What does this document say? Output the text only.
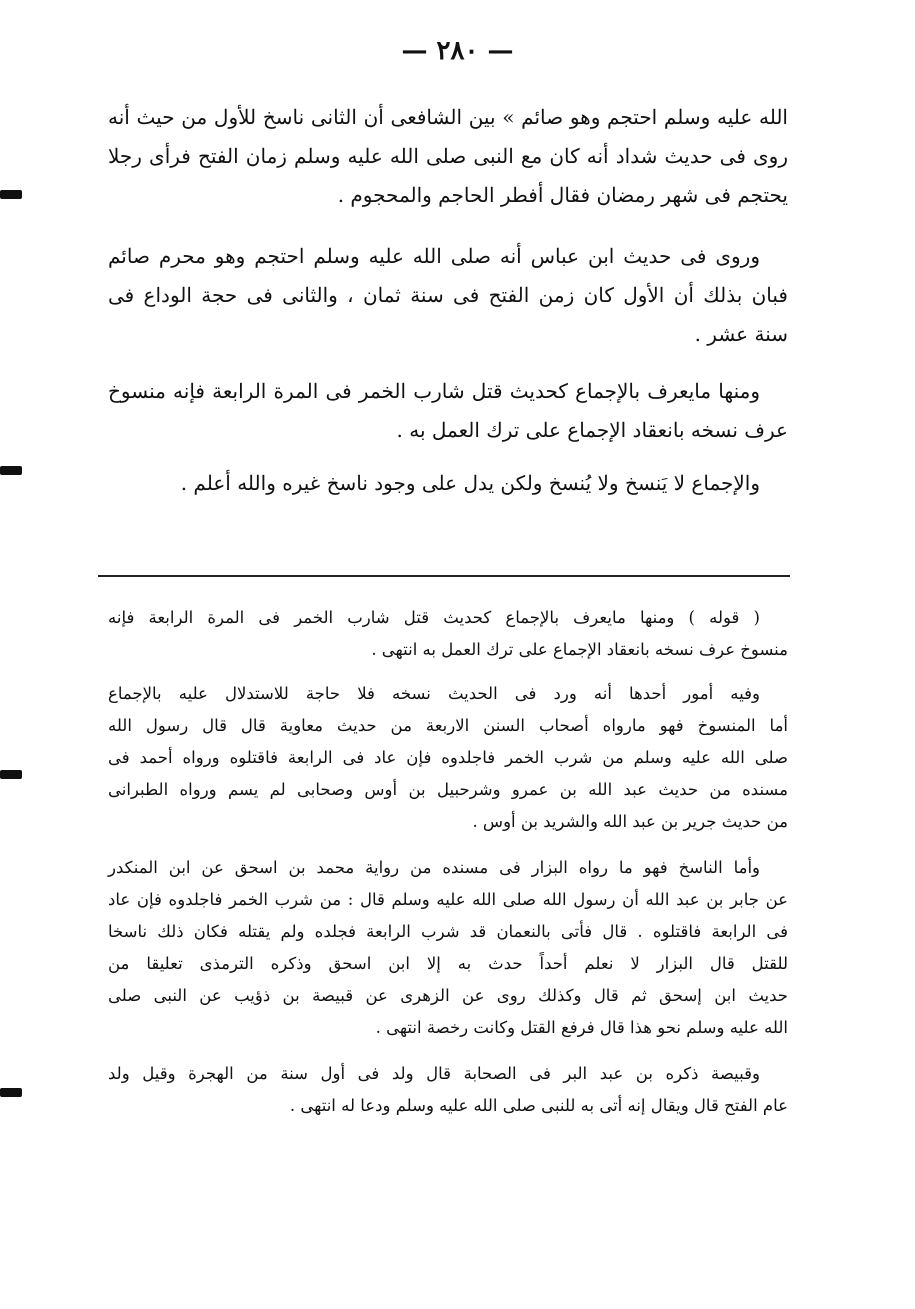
— ٢٨٠ —
الله عليه وسلم احتجم وهو صائم » بين الشافعى أن الثانى ناسخ للأول من حيث أنه
روى فى حديث شداد أنه كان مع النبى صلى الله عليه وسلم زمان الفتح فرأى رجلا
يحتجم فى شهر رمضان فقال أفطر الحاجم والمحجوم .
وروى فى حديث ابن عباس أنه صلى الله عليه وسلم احتجم وهو محرم صائم
فبان بذلك أن الأول كان زمن الفتح فى سنة ثمان ، والثانى فى حجة الوداع فى
سنة عشر .
ومنها مايعرف بالإجماع كحديث قتل شارب الخمر فى المرة الرابعة فإنه منسوخ
عرف نسخه بانعقاد الإجماع على ترك العمل به .
والإجماع لا يَنسخ ولا يُنسخ ولكن يدل على وجود ناسخ غيره والله أعلم .
( قوله ) ومنها مايعرف بالإجماع كحديث قتل شارب الخمر فى المرة الرابعة فإنه
منسوخ عرف نسخه بانعقاد الإجماع على ترك العمل به انتهى .
وفيه أمور أحدها أنه ورد فى الحديث نسخه فلا حاجة للاستدلال عليه بالإجماع
أما المنسوخ فهو مارواه أصحاب السنن الاربعة من حديث معاوية قال قال رسول الله
صلى الله عليه وسلم من شرب الخمر فاجلدوه فإن عاد فى الرابعة فاقتلوه ورواه أحمد فى
مسنده من حديث عبد الله بن عمرو وشرحبيل بن أوس وصحابى لم يسم ورواه الطبرانى
من حديث جرير بن عبد الله والشريد بن أوس .
وأما الناسخ فهو ما رواه البزار فى مسنده من رواية محمد بن اسحق عن ابن المنكدر
عن جابر بن عبد الله أن رسول الله صلى الله عليه وسلم قال : من شرب الخمر فاجلدوه فإن عاد
فى الرابعة فاقتلوه . قال فأتى بالنعمان قد شرب الرابعة فجلده ولم يقتله فكان ذلك ناسخا
للقتل قال البزار لا نعلم أحداً حدث به إلا ابن اسحق وذكره الترمذى تعليقا من
حديث ابن إسحق ثم قال وكذلك روى عن الزهرى عن قبيصة بن ذؤيب عن النبى صلى
الله عليه وسلم نحو هذا قال فرفع القتل وكانت رخصة انتهى .
وقبيصة ذكره بن عبد البر فى الصحابة قال ولد فى أول سنة من الهجرة وقيل ولد
عام الفتح قال ويقال إنه أتى به للنبى صلى الله عليه وسلم ودعا له انتهى .
